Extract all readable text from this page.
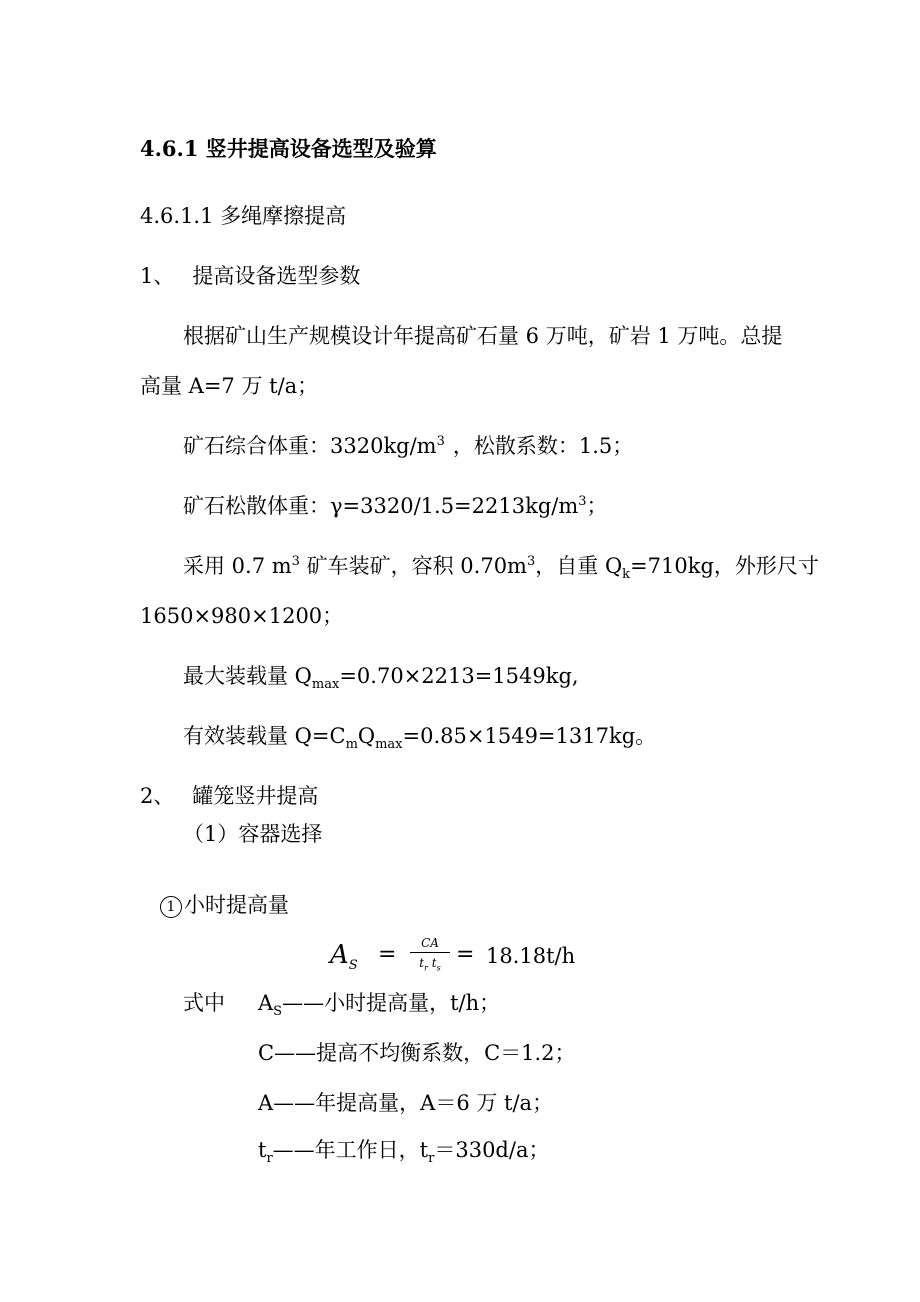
4.6.1 竖井提高设备选型及验算
4.6.1.1 多绳摩擦提高
1、 提高设备选型参数
根据矿山生产规模设计年提高矿石量 6 万吨，矿岩 1 万吨。总提
高量 A=7 万 t/a；
矿石综合体重：$3320kg/m^3$ ，松散系数：1.5；
矿石松散体重：$\gamma=3320/1.5=2213kg/m^3$；
采用 0.7 $m^3$ 矿车装矿，容积 $0.70m^3$，自重 $Q_k=710kg$，外形尺寸
1650×980×1200；
最大装载量 $Q_{max}=0.70\times 2213=1549kg$,
有效装载量 $Q=C_mQ_{max}=0.85\times 1549=1317kg$。
2、 罐笼竖井提高
（1）容器选择
1 小时提高量
$A_S$ =	CA
$t_r$ $t_s$
= 18.18t/h
式中 $A_S——$小时提高量，t/h；
C——提高不均衡系数，C＝1.2；
A——年提高量，A＝6 万 t/a；
$t_r——$年工作日，$t_r=330d/a$；
